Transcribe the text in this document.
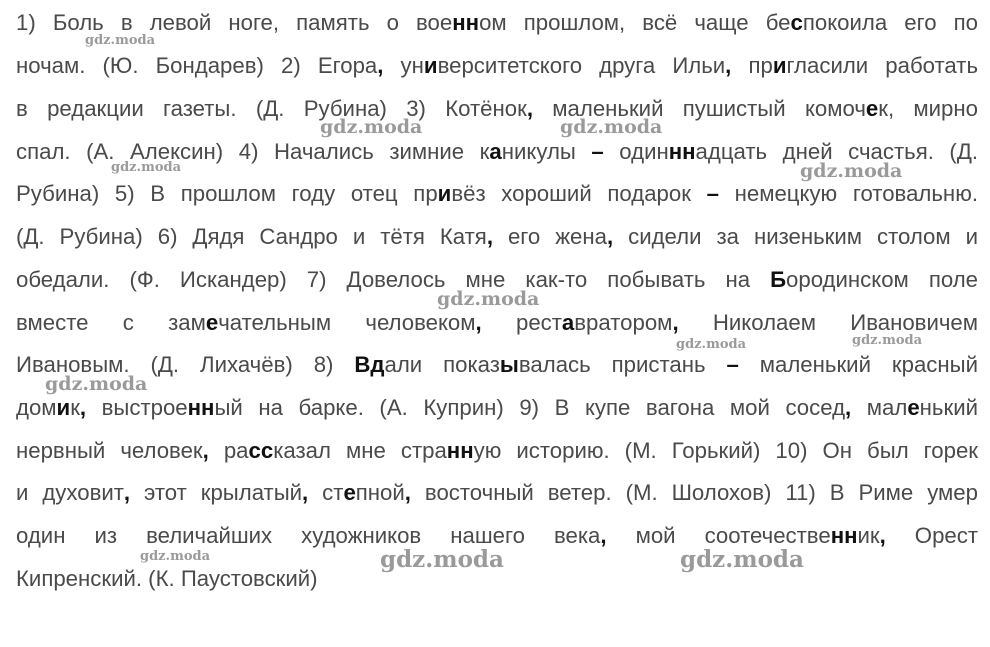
1) Боль в левой ноге, память о военном прошлом, всё чаще беспокоила его по
ночам. (Ю. Бондарев) 2) Егора, университетского друга Ильи, пригласили работать
в редакции газеты. (Д. Рубина) 3) Котёнок, маленький пушистый комочек, мирно
спал. (А. Алексин) 4) Начались зимние каникулы – одинннадцать дней счастья. (Д.
Рубина) 5) В прошлом году отец привёз хороший подарок – немецкую готовальню.
(Д. Рубина) 6) Дядя Сандро и тётя Катя, его жена, сидели за низеньким столом и
обедали. (Ф. Искандер) 7) Довелось мне как-то побывать на Бородинском поле
вместе с замечательным человеком, реставратором, Николаем Ивановичем
Ивановым. (Д. Лихачёв) 8) Вдали показывалась пристань – маленький красный
домик, выстроенный на барке. (А. Куприн) 9) В купе вагона мой сосед, маленький
нервный человек, рассказал мне странную историю. (М. Горький) 10) Он был горек
и духовит, этот крылатый, степной, восточный ветер. (М. Шолохов) 11) В Риме умер
один из величайших художников нашего века, мой соотечественник, Орест
Кипренский. (К. Паустовский)
gdz.moda
gdz.moda
gdz.moda	gdz.moda
gdz.moda
gdz.moda
gdz.moda	gdz.moda
gdz.moda
gdz.moda	gdz.moda	gdz.moda
